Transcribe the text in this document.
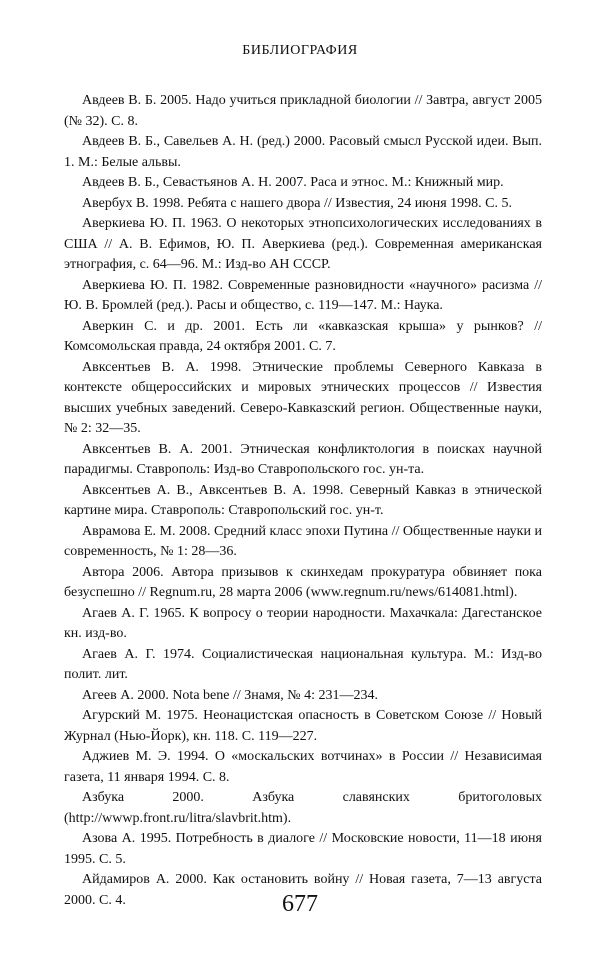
БИБЛИОГРАФИЯ

Авдеев В. Б. 2005. Надо учиться прикладной биологии // Завтра, август 2005 (№ 32). С. 8.

Авдеев В. Б., Савельев А. Н. (ред.) 2000. Расовый смысл Русской идеи. Вып. 1. М.: Белые альвы.

Авдеев В. Б., Севастьянов А. Н. 2007. Раса и этнос. М.: Книжный мир.

Авербух В. 1998. Ребята с нашего двора // Известия, 24 июня 1998. С. 5.

Аверкиева Ю. П. 1963. О некоторых этнопсихологических исследованиях в США // А. В. Ефимов, Ю. П. Аверкиева (ред.). Современная американская этнография, с. 64—96. М.: Изд-во АН СССР.

Аверкиева Ю. П. 1982. Современные разновидности «научного» расизма // Ю. В. Бромлей (ред.). Расы и общество, с. 119—147. М.: Наука.

Аверкин С. и др. 2001. Есть ли «кавказская крыша» у рынков? // Комсомольская правда, 24 октября 2001. С. 7.

Авксентьев В. А. 1998. Этнические проблемы Северного Кавказа в контексте общероссийских и мировых этнических процессов // Известия высших учебных заведений. Северо-Кавказский регион. Общественные науки, № 2: 32—35.

Авксентьев В. А. 2001. Этническая конфликтология в поисках научной парадигмы. Ставрополь: Изд-во Ставропольского гос. ун-та.

Авксентьев А. В., Авксентьев В. А. 1998. Северный Кавказ в этнической картине мира. Ставрополь: Ставропольский гос. ун-т.

Аврамова Е. М. 2008. Средний класс эпохи Путина // Общественные науки и современность, № 1: 28—36.

Автора 2006. Автора призывов к скинхедам прокуратура обвиняет пока безуспешно // Regnum.ru, 28 марта 2006 (www.regnum.ru/news/614081.html).

Агаев А. Г. 1965. К вопросу о теории народности. Махачкала: Дагестанское кн. изд-во.

Агаев А. Г. 1974. Социалистическая национальная культура. М.: Изд-во полит. лит.

Агеев А. 2000. Nota bene // Знамя, № 4: 231—234.

Агурский М. 1975. Неонацистская опасность в Советском Союзе // Новый Журнал (Нью-Йорк), кн. 118. С. 119—227.

Аджиев М. Э. 1994. О «москальских вотчинах» в России // Независимая газета, 11 января 1994. С. 8.

Азбука 2000. Азбука славянских бритоголовых (http://wwwp.front.ru/litra/slavbrit.htm).

Азова А. 1995. Потребность в диалоге // Московские новости, 11—18 июня 1995. С. 5.

Айдамиров А. 2000. Как остановить войну // Новая газета, 7—13 августа 2000. С. 4.	677
